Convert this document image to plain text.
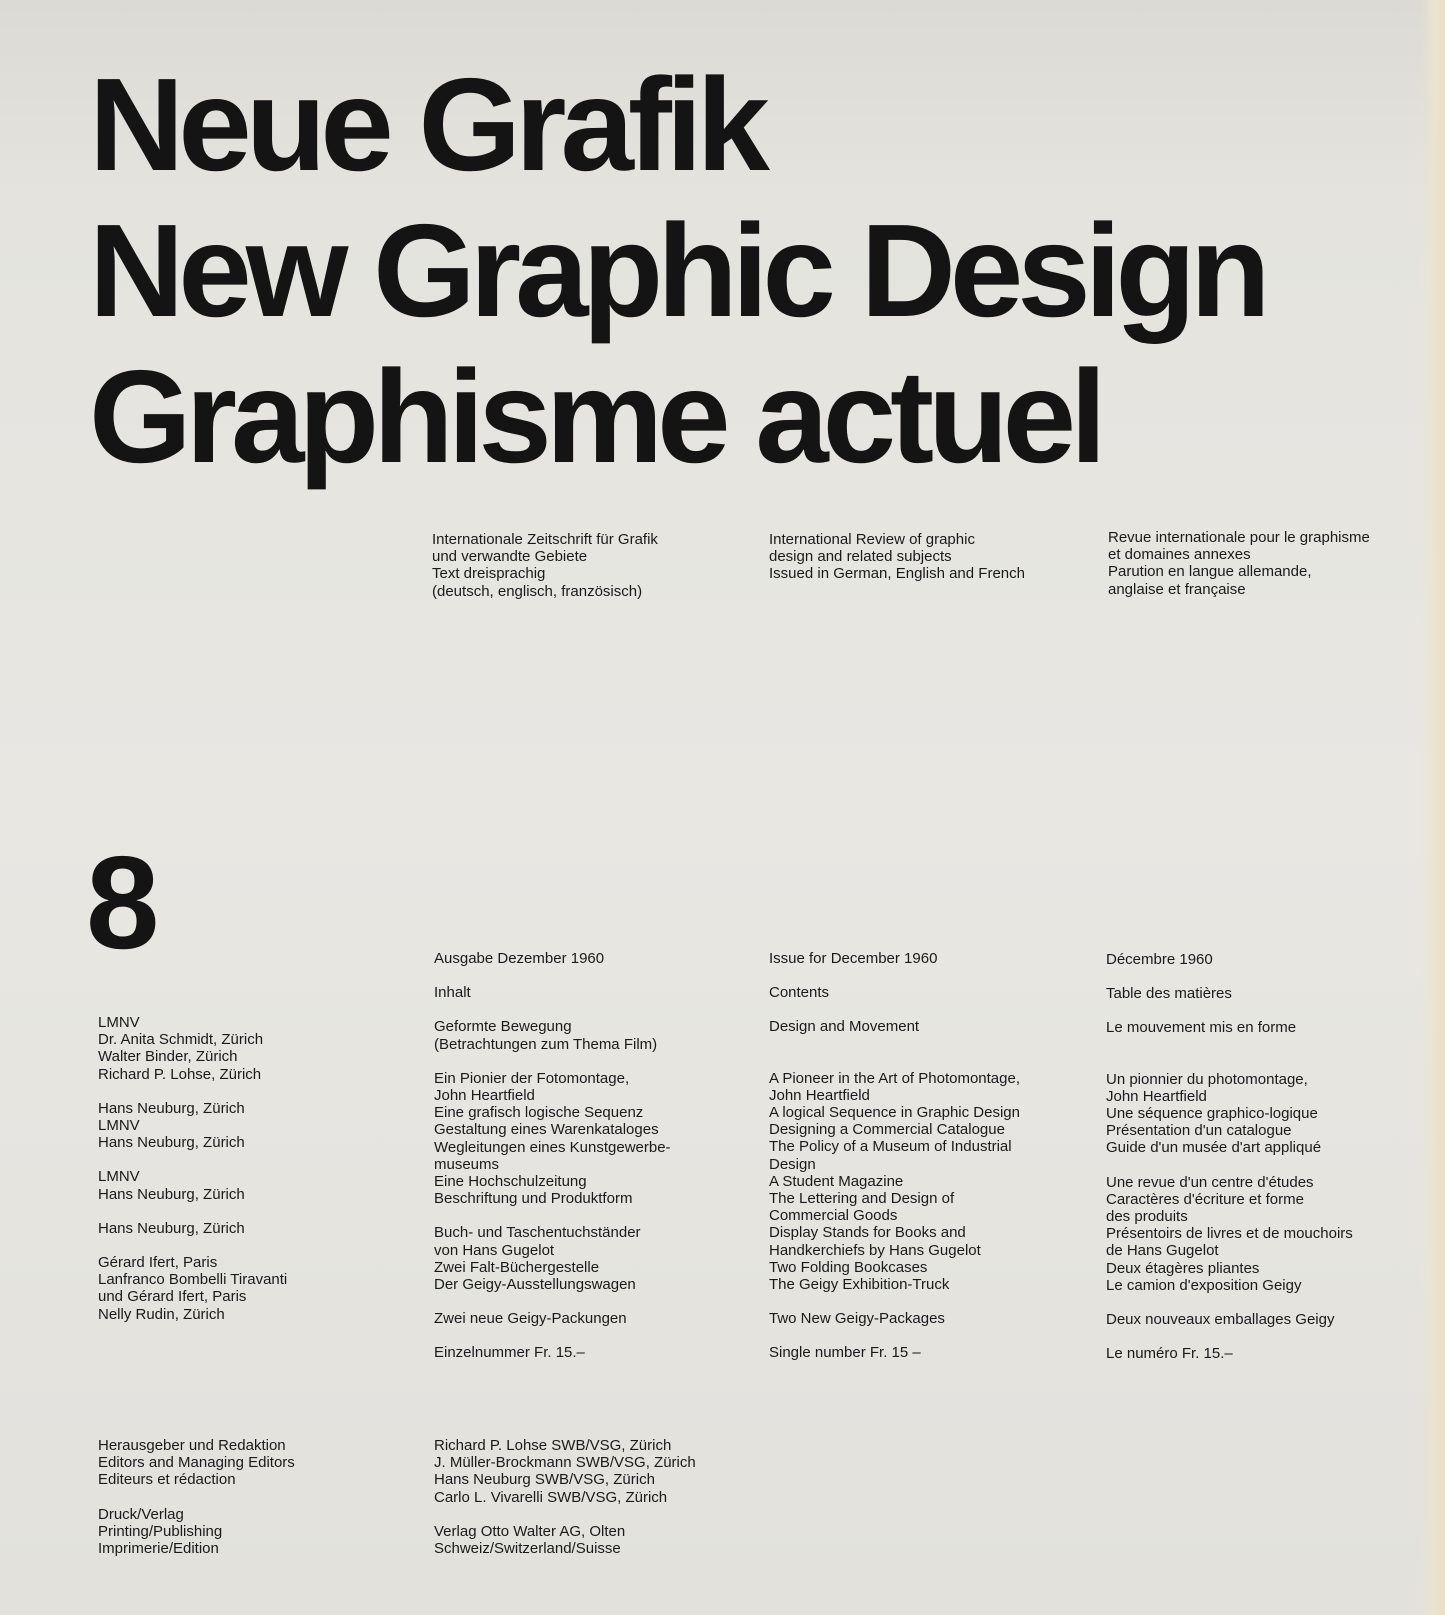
Neue Grafik
New Graphic Design
Graphisme actuel
Internationale Zeitschrift für Grafik
und verwandte Gebiete
Text dreisprachig
(deutsch, englisch, französisch)
International Review of graphic
design and related subjects
Issued in German, English and French
Revue internationale pour le graphisme
et domaines annexes
Parution en langue allemande,
anglaise et française
8
LMNV
Dr. Anita Schmidt, Zürich
Walter Binder, Zürich
Richard P. Lohse, Zürich
Hans Neuburg, Zürich
LMNV
Hans Neuburg, Zürich
LMNV
Hans Neuburg, Zürich
Hans Neuburg, Zürich
Gérard Ifert, Paris
Lanfranco Bombelli Tiravanti
und Gérard Ifert, Paris
Nelly Rudin, Zürich
Ausgabe Dezember 1960
Inhalt
Geformte Bewegung
(Betrachtungen zum Thema Film)
Ein Pionier der Fotomontage,
John Heartfield
Eine grafisch logische Sequenz
Gestaltung eines Warenkataloges
Wegleitungen eines Kunstgewerbe-
museums
Eine Hochschulzeitung
Beschriftung und Produktform
Buch- und Taschentuchständer
von Hans Gugelot
Zwei Falt-Büchergestelle
Der Geigy-Ausstellungswagen
Zwei neue Geigy-Packungen
Einzelnummer Fr. 15.–
Issue for December 1960
Contents
Design and Movement
A Pioneer in the Art of Photomontage,
John Heartfield
A logical Sequence in Graphic Design
Designing a Commercial Catalogue
The Policy of a Museum of Industrial
Design
A Student Magazine
The Lettering and Design of
Commercial Goods
Display Stands for Books and
Handkerchiefs by Hans Gugelot
Two Folding Bookcases
The Geigy Exhibition-Truck
Two New Geigy-Packages
Single number Fr. 15 –
Décembre 1960
Table des matières
Le mouvement mis en forme
Un pionnier du photomontage,
John Heartfield
Une séquence graphico-logique
Présentation d'un catalogue
Guide d'un musée d'art appliqué
Une revue d'un centre d'études
Caractères d'écriture et forme
des produits
Présentoirs de livres et de mouchoirs
de Hans Gugelot
Deux étagères pliantes
Le camion d'exposition Geigy
Deux nouveaux emballages Geigy
Le numéro Fr. 15.–
Herausgeber und Redaktion
Editors and Managing Editors
Editeurs et rédaction
Druck/Verlag
Printing/Publishing
Imprimerie/Edition
Richard P. Lohse SWB/VSG, Zürich
J. Müller-Brockmann SWB/VSG, Zürich
Hans Neuburg SWB/VSG, Zürich
Carlo L. Vivarelli SWB/VSG, Zürich
Verlag Otto Walter AG, Olten
Schweiz/Switzerland/Suisse
